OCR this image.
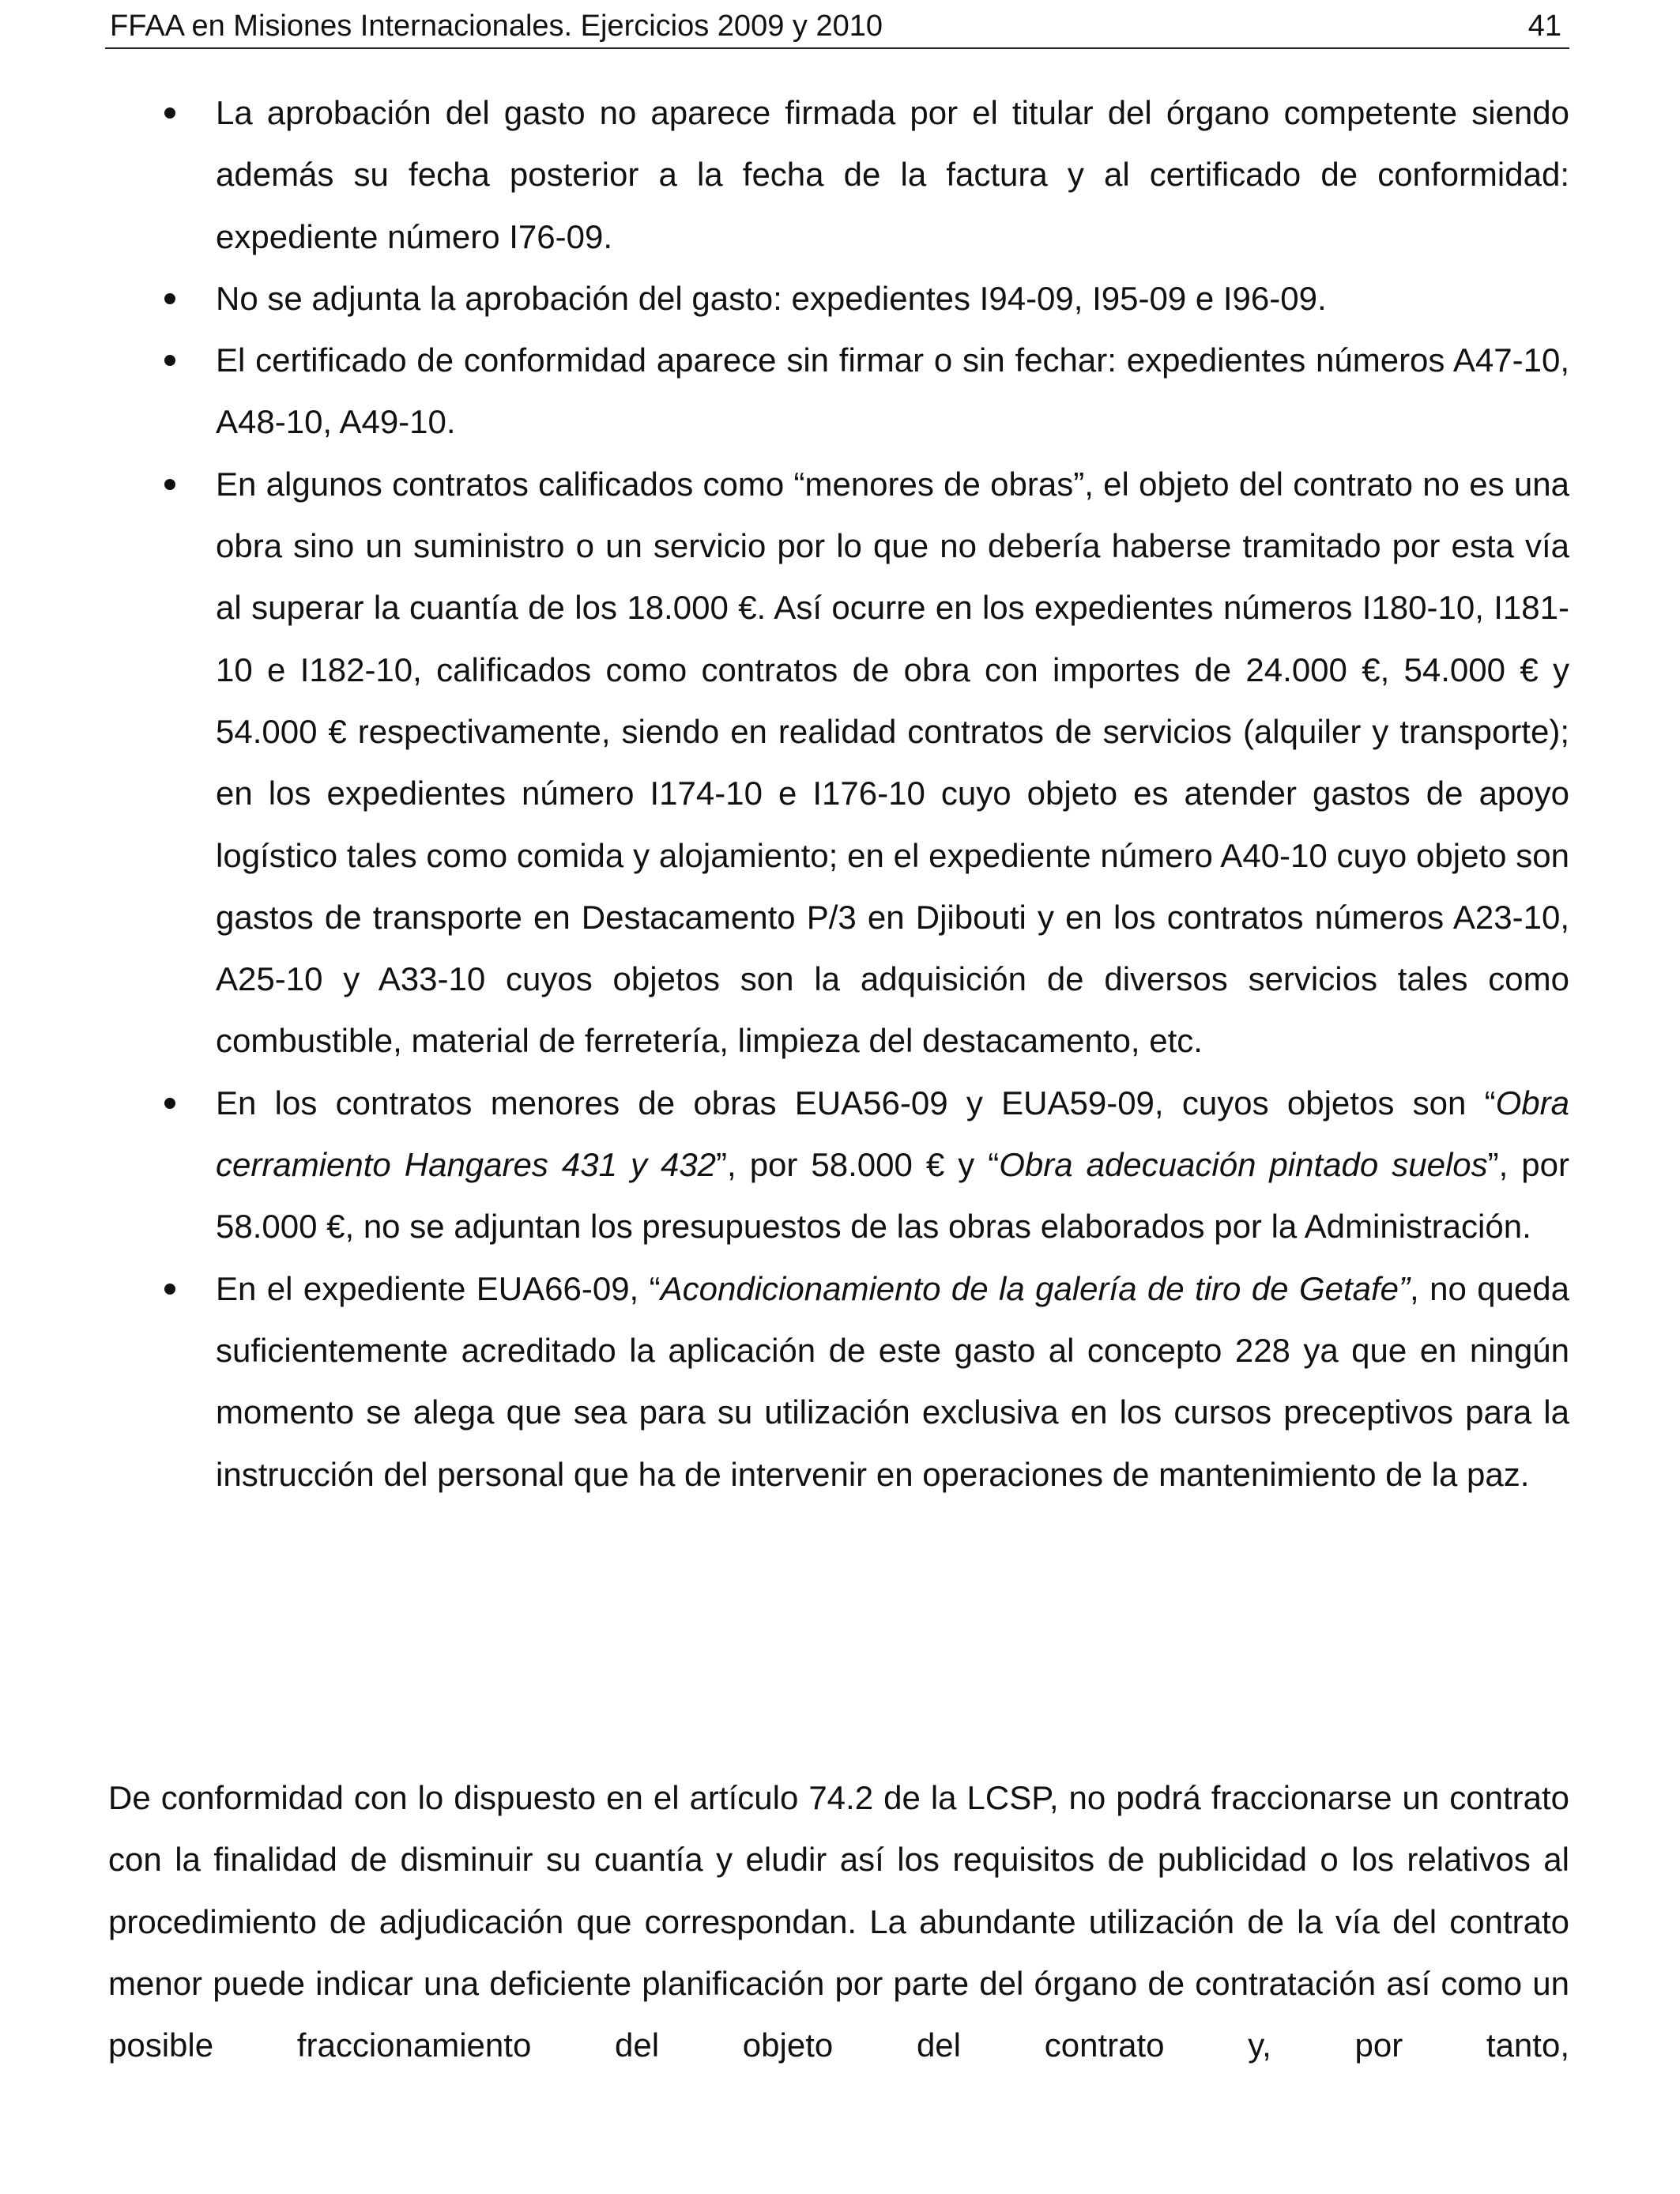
FFAA en Misiones Internacionales. Ejercicios 2009 y 2010	41
La aprobación del gasto no aparece firmada por el titular del órgano competente siendo además su fecha posterior a la fecha de la factura y al certificado de conformidad: expediente número I76-09.
No se adjunta la aprobación del gasto: expedientes I94-09, I95-09 e I96-09.
El certificado de conformidad aparece sin firmar o sin fechar: expedientes números A47-10, A48-10, A49-10.
En algunos contratos calificados como “menores de obras”, el objeto del contrato no es una obra sino un suministro o un servicio por lo que no debería haberse tramitado por esta vía al superar la cuantía de los 18.000 €. Así ocurre en los expedientes números I180-10, I181-10 e I182-10, calificados como contratos de obra con importes de 24.000 €, 54.000 € y 54.000 € respectivamente, siendo en realidad contratos de servicios (alquiler y transporte); en los expedientes número I174-10 e I176-10 cuyo objeto es atender gastos de apoyo logístico tales como comida y alojamiento; en el expediente número A40-10 cuyo objeto son gastos de transporte en Destacamento P/3 en Djibouti y en los contratos números A23-10, A25-10 y A33-10 cuyos objetos son la adquisición de diversos servicios tales como combustible, material de ferretería, limpieza del destacamento, etc.
En los contratos menores de obras EUA56-09 y EUA59-09, cuyos objetos son “Obra cerramiento Hangares 431 y 432”, por 58.000 € y “Obra adecuación pintado suelos”, por 58.000 €, no se adjuntan los presupuestos de las obras elaborados por la Administración.
En el expediente EUA66-09, “Acondicionamiento de la galería de tiro de Getafe”, no queda suficientemente acreditado la aplicación de este gasto al concepto 228 ya que en ningún momento se alega que sea para su utilización exclusiva en los cursos preceptivos para la instrucción del personal que ha de intervenir en operaciones de mantenimiento de la paz.

De conformidad con lo dispuesto en el artículo 74.2 de la LCSP, no podrá fraccionarse un contrato con la finalidad de disminuir su cuantía y eludir así los requisitos de publicidad o los relativos al procedimiento de adjudicación que correspondan. La abundante utilización de la vía del contrato menor puede indicar una deficiente planificación por parte del órgano de contratación así como un posible fraccionamiento del objeto del contrato y, por tanto,
